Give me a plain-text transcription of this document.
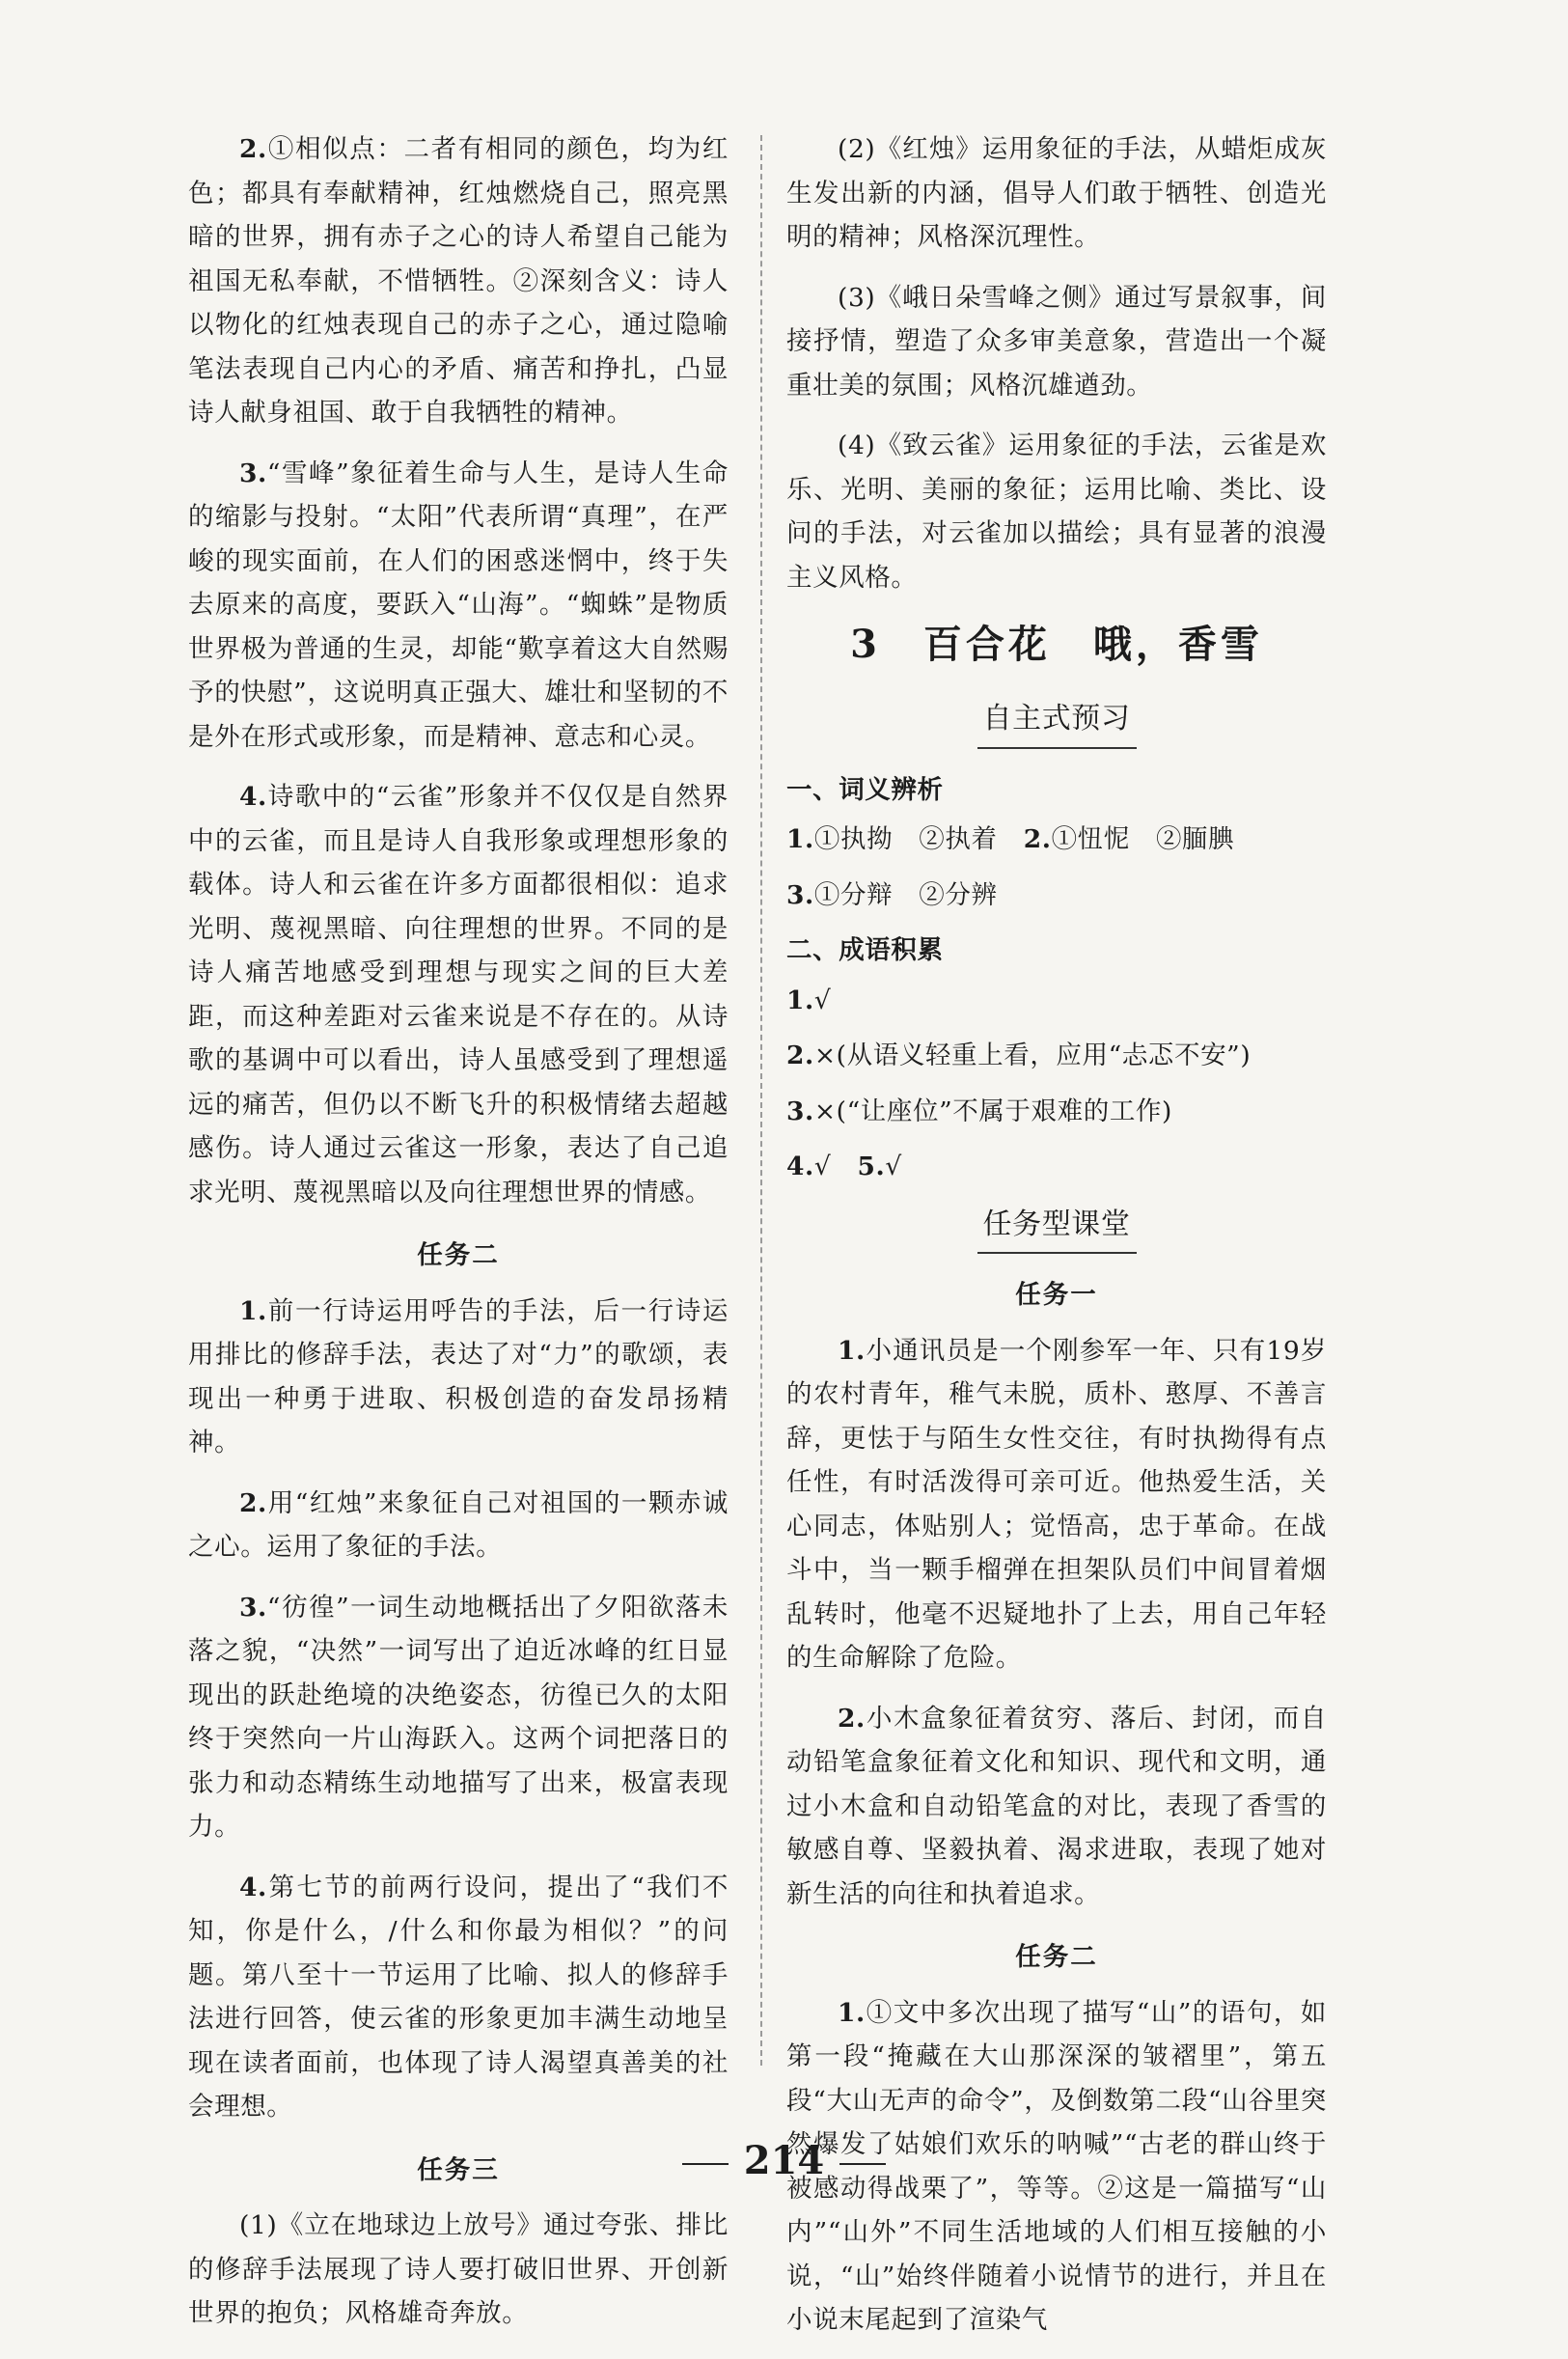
2.①相似点：二者有相同的颜色，均为红色；都具有奉献精神，红烛燃烧自己，照亮黑暗的世界，拥有赤子之心的诗人希望自己能为祖国无私奉献，不惜牺牲。②深刻含义：诗人以物化的红烛表现自己的赤子之心，通过隐喻笔法表现自己内心的矛盾、痛苦和挣扎，凸显诗人献身祖国、敢于自我牺牲的精神。

3.“雪峰”象征着生命与人生，是诗人生命的缩影与投射。“太阳”代表所谓“真理”，在严峻的现实面前，在人们的困惑迷惘中，终于失去原来的高度，要跃入“山海”。“蜘蛛”是物质世界极为普通的生灵，却能“歎享着这大自然赐予的快慰”，这说明真正强大、雄壮和坚韧的不是外在形式或形象，而是精神、意志和心灵。

4.诗歌中的“云雀”形象并不仅仅是自然界中的云雀，而且是诗人自我形象或理想形象的载体。诗人和云雀在许多方面都很相似：追求光明、蔑视黑暗、向往理想的世界。不同的是诗人痛苦地感受到理想与现实之间的巨大差距，而这种差距对云雀来说是不存在的。从诗歌的基调中可以看出，诗人虽感受到了理想遥远的痛苦，但仍以不断飞升的积极情绪去超越感伤。诗人通过云雀这一形象，表达了自己追求光明、蔑视黑暗以及向往理想世界的情感。

任务二

1.前一行诗运用呼告的手法，后一行诗运用排比的修辞手法，表达了对“力”的歌颂，表现出一种勇于进取、积极创造的奋发昂扬精神。

2.用“红烛”来象征自己对祖国的一颗赤诚之心。运用了象征的手法。

3.“彷徨”一词生动地概括出了夕阳欲落未落之貌，“决然”一词写出了迫近冰峰的红日显现出的跃赴绝境的决绝姿态，彷徨已久的太阳终于突然向一片山海跃入。这两个词把落日的张力和动态精练生动地描写了出来，极富表现力。

4.第七节的前两行设问，提出了“我们不知，你是什么，/什么和你最为相似？”的问题。第八至十一节运用了比喻、拟人的修辞手法进行回答，使云雀的形象更加丰满生动地呈现在读者面前，也体现了诗人渴望真善美的社会理想。

任务三

(1)《立在地球边上放号》通过夸张、排比的修辞手法展现了诗人要打破旧世界、开创新世界的抱负；风格雄奇奔放。

(2)《红烛》运用象征的手法，从蜡炬成灰生发出新的内涵，倡导人们敢于牺牲、创造光明的精神；风格深沉理性。

(3)《峨日朵雪峰之侧》通过写景叙事，间接抒情，塑造了众多审美意象，营造出一个凝重壮美的氛围；风格沉雄遒劲。

(4)《致云雀》运用象征的手法，云雀是欢乐、光明、美丽的象征；运用比喻、类比、设问的手法，对云雀加以描绘；具有显著的浪漫主义风格。

3　百合花　哦，香雪
自主式预习
一、词义辨析
1.①执拗　②执着　2.①忸怩　②腼腆
3.①分辩　②分辨
二、成语积累
1.√
2.×(从语义轻重上看，应用“忐忑不安”)
3.×(“让座位”不属于艰难的工作)
4.√　5.√
任务型课堂
任务一

1.小通讯员是一个刚参军一年、只有19岁的农村青年，稚气未脱，质朴、憨厚、不善言辞，更怯于与陌生女性交往，有时执拗得有点任性，有时活泼得可亲可近。他热爱生活，关心同志，体贴别人；觉悟高，忠于革命。在战斗中，当一颗手榴弹在担架队员们中间冒着烟乱转时，他毫不迟疑地扑了上去，用自己年轻的生命解除了危险。

2.小木盒象征着贫穷、落后、封闭，而自动铅笔盒象征着文化和知识、现代和文明，通过小木盒和自动铅笔盒的对比，表现了香雪的敏感自尊、坚毅执着、渴求进取，表现了她对新生活的向往和执着追求。

任务二

1.①文中多次出现了描写“山”的语句，如第一段“掩藏在大山那深深的皱褶里”，第五段“大山无声的命令”，及倒数第二段“山谷里突然爆发了姑娘们欢乐的呐喊”“古老的群山终于被感动得战栗了”，等等。②这是一篇描写“山内”“山外”不同生活地域的人们相互接触的小说，“山”始终伴随着小说情节的进行，并且在小说末尾起到了渲染气

214
